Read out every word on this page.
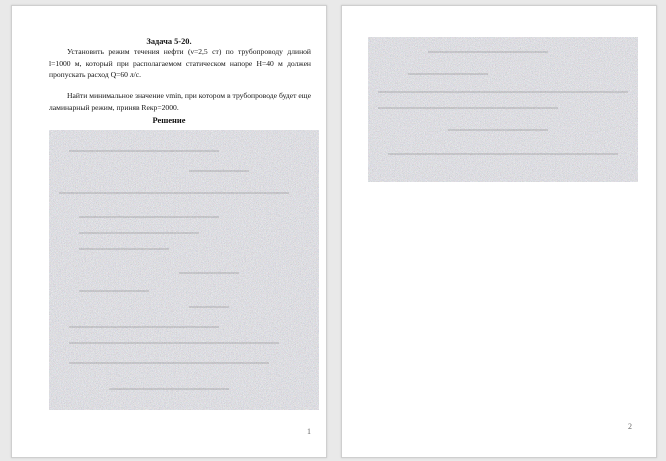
Задача 5-20.
Установить режим течения нефти (ν=2,5 ст) по трубопроводу длиной l=1000 м, который при располагаемом статическом напоре H=40 м должен пропускать расход Q=60 л/с.
Найти минимальное значение νmin, при котором в трубопроводе будет еще ламинарный режим, приняв Reкр=2000.
Решение
1
2
